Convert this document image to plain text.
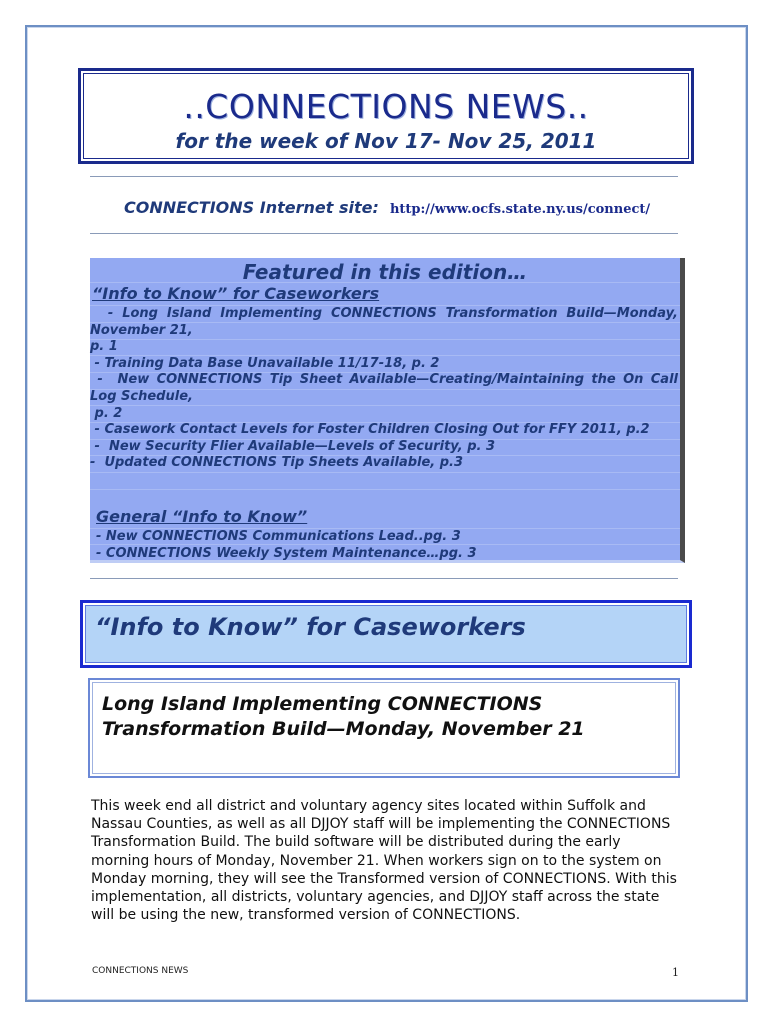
..CONNECTIONS NEWS..
for the week of Nov 17- Nov 25, 2011
CONNECTIONS Internet site: http://www.ocfs.state.ny.us/connect/
Featured in this edition…
“Info to Know” for Caseworkers

- Long Island Implementing CONNECTIONS Transformation Build—Monday, November 21,

p. 1

- Training Data Base Unavailable 11/17-18, p. 2

-  New CONNECTIONS Tip Sheet Available—Creating/Maintaining the On Call Log Schedule,

p. 2

- Casework Contact Levels for Foster Children Closing Out for FFY 2011, p.2

-  New Security Flier Available—Levels of Security, p. 3

-  Updated CONNECTIONS Tip Sheets Available, p.3

General “Info to Know”

- New CONNECTIONS Communications Lead..pg. 3

- CONNECTIONS Weekly System Maintenance…pg. 3

“Info to Know” for Caseworkers
Long Island Implementing CONNECTIONS Transformation Build—Monday, November 21
This week end all district and voluntary agency sites located within Suffolk and Nassau Counties, as well as all DJJOY staff will be implementing the CONNECTIONS Transformation Build. The build software will be distributed during the early morning hours of Monday, November 21. When workers sign on to the system on Monday morning, they will see the Transformed version of CONNECTIONS. With this implementation, all districts, voluntary agencies, and DJJOY staff across the state will be using the new, transformed version of CONNECTIONS.
CONNECTIONS NEWS	1
